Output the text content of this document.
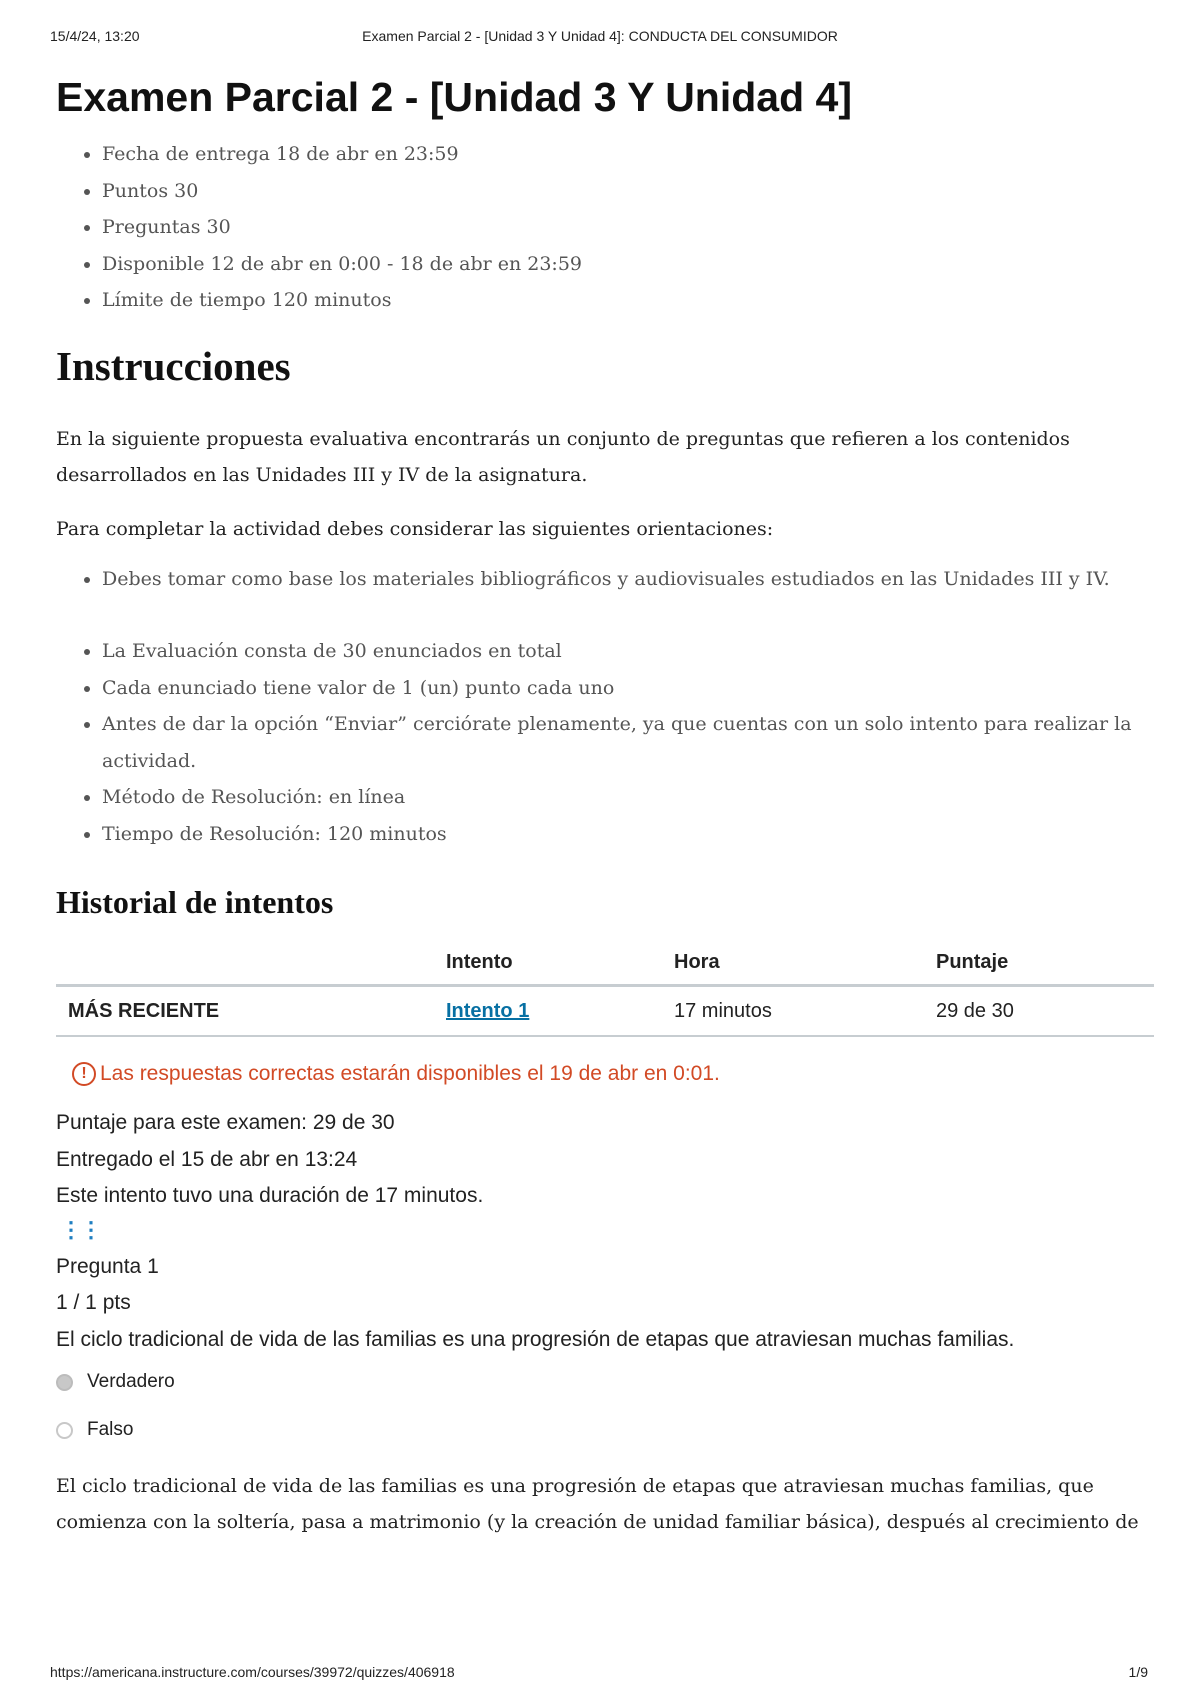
15/4/24, 13:20	Examen Parcial 2 - [Unidad 3 Y Unidad 4]: CONDUCTA DEL CONSUMIDOR
Examen Parcial 2 - [Unidad 3 Y Unidad 4]
• Fecha de entrega 18 de abr en 23:59
• Puntos 30
• Preguntas 30
• Disponible 12 de abr en 0:00 - 18 de abr en 23:59
• Límite de tiempo 120 minutos
Instrucciones

En la siguiente propuesta evaluativa encontrarás un conjunto de preguntas que refieren a los contenidos desarrollados en las Unidades III y IV de la asignatura.

Para completar la actividad debes considerar las siguientes orientaciones:

• Debes tomar como base los materiales bibliográficos y audiovisuales estudiados en las Unidades III y IV.
• La Evaluación consta de 30 enunciados en total
• Cada enunciado tiene valor de 1 (un) punto cada uno
• Antes de dar la opción “Enviar” cerciórate plenamente, ya que cuentas con un solo intento para realizar la actividad.
• Método de Resolución: en línea
• Tiempo de Resolución: 120 minutos
Historial de intentos
	Intento	Hora	Puntaje
MÁS RECIENTE	Intento 1	17 minutos	29 de 30
! Las respuestas correctas estarán disponibles el 19 de abr en 0:01.
Puntaje para este examen: 29 de 30
Entregado el 15 de abr en 13:24
Este intento tuvo una duración de 17 minutos.
⋮⋮
Pregunta 1
1 / 1 pts
El ciclo tradicional de vida de las familias es una progresión de etapas que atraviesan muchas familias.
Verdadero
Falso

El ciclo tradicional de vida de las familias es una progresión de etapas que atraviesan muchas familias, que comienza con la soltería, pasa a matrimonio (y la creación de unidad familiar básica), después al crecimiento de

https://americana.instructure.com/courses/39972/quizzes/406918	1/9
